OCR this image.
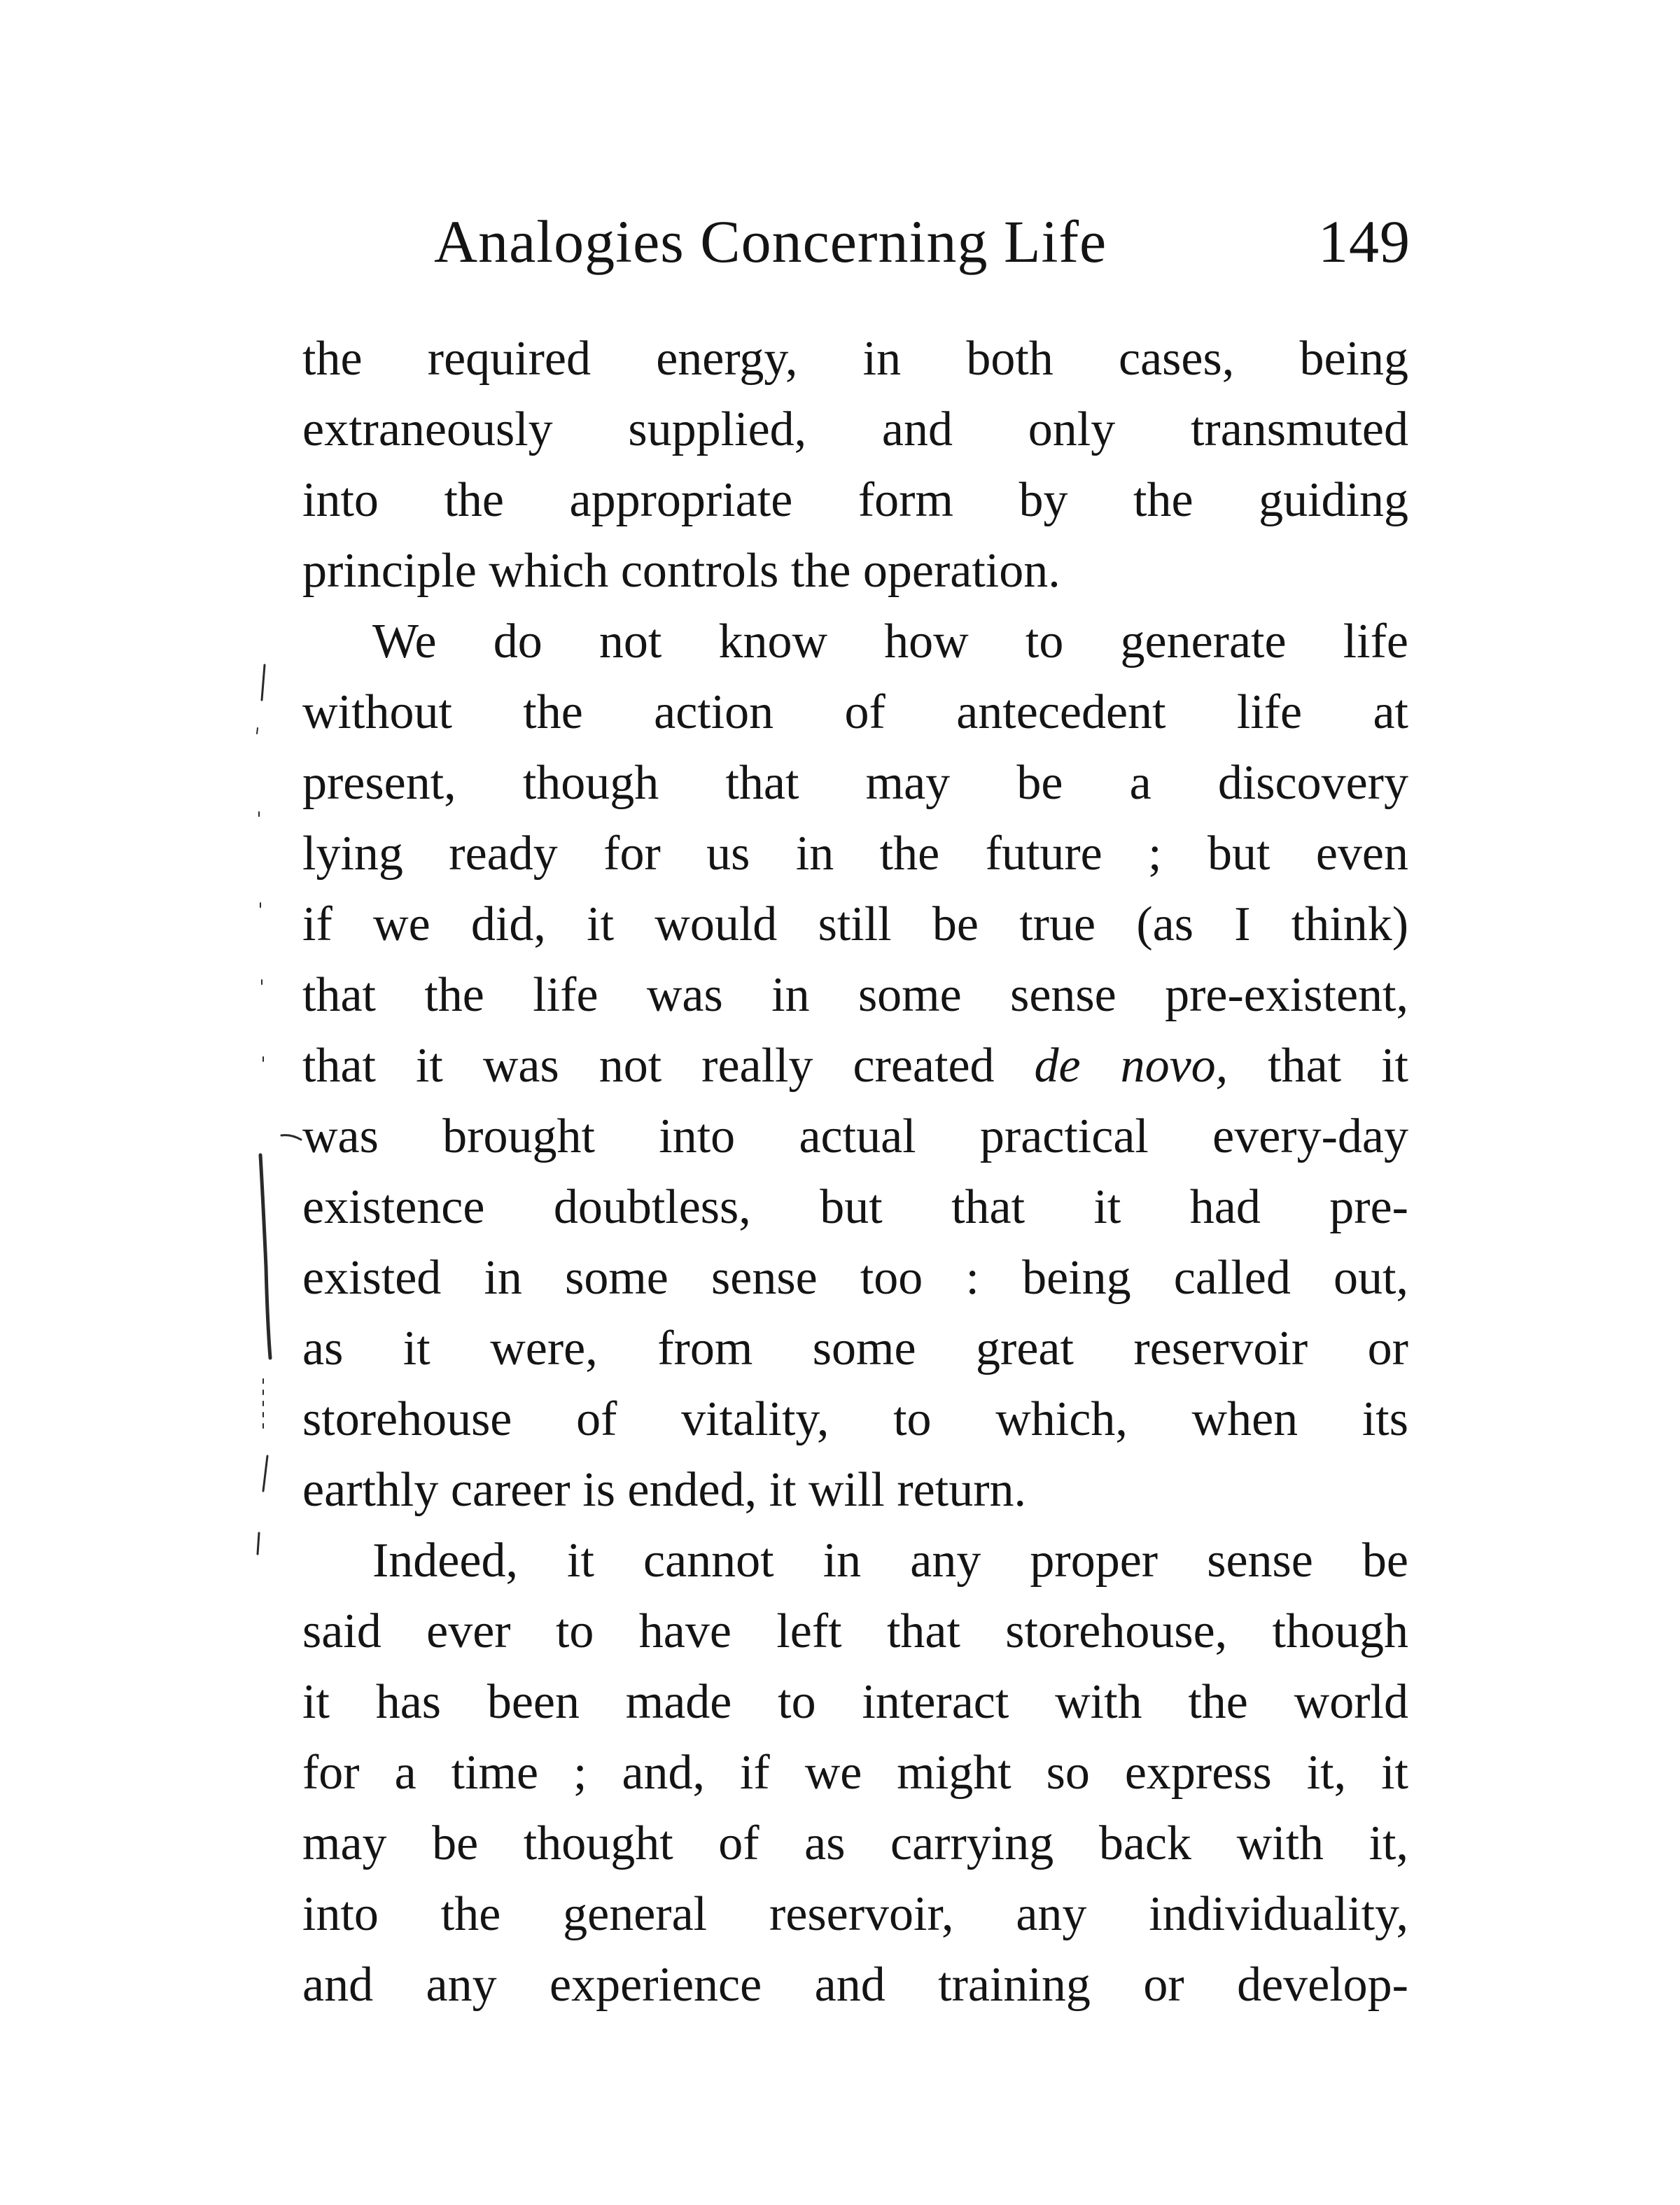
Analogies Concerning Life	149
the required energy, in both cases, being
extraneously supplied, and only transmuted
into the appropriate form by the guiding
principle which controls the operation.
We do not know how to generate life
without the action of antecedent life at
present, though that may be a discovery
lying ready for us in the future ; but even
if we did, it would still be true (as I think)
that the life was in some sense pre-existent,
that it was not really created de novo, that it
was brought into actual practical every-day
existence doubtless, but that it had pre-
existed in some sense too : being called out,
as it were, from some great reservoir or
storehouse of vitality, to which, when its
earthly career is ended, it will return.
Indeed, it cannot in any proper sense be
said ever to have left that storehouse, though
it has been made to interact with the world
for a time ; and, if we might so express it, it
may be thought of as carrying back with it,
into the general reservoir, any individuality,
and any experience and training or develop-
